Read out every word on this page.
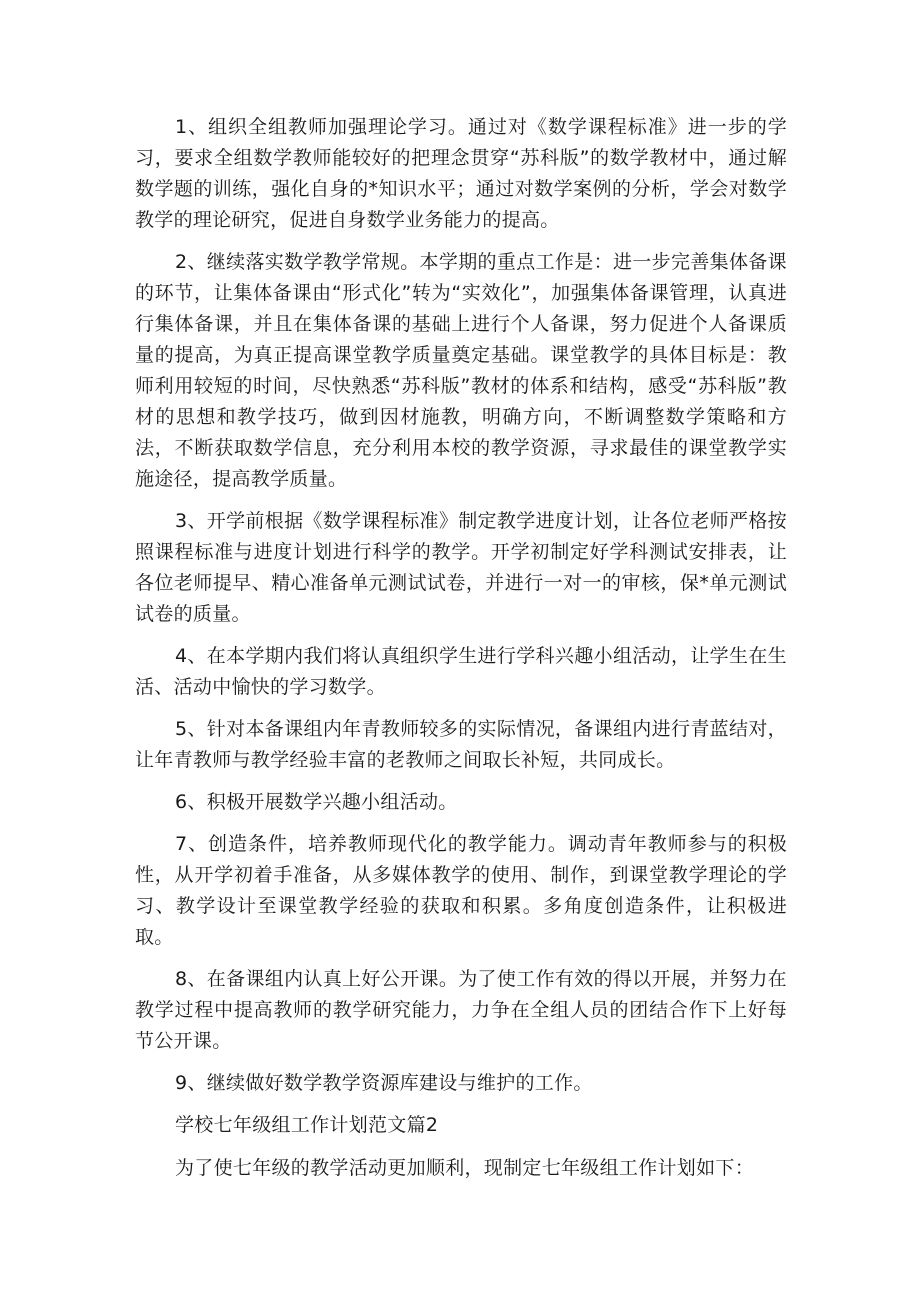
1、组织全组教师加强理论学习。通过对《数学课程标准》进一步的学习，要求全组数学教师能较好的把理念贯穿“苏科版”的数学教材中，通过解数学题的训练，强化自身的*知识水平；通过对数学案例的分析，学会对数学教学的理论研究，促进自身数学业务能力的提高。

2、继续落实数学教学常规。本学期的重点工作是：进一步完善集体备课的环节，让集体备课由“形式化”转为“实效化”，加强集体备课管理，认真进行集体备课，并且在集体备课的基础上进行个人备课，努力促进个人备课质量的提高，为真正提高课堂教学质量奠定基础。课堂教学的具体目标是：教师利用较短的时间，尽快熟悉“苏科版”教材的体系和结构，感受“苏科版”教材的思想和教学技巧，做到因材施教，明确方向，不断调整数学策略和方法，不断获取数学信息，充分利用本校的教学资源，寻求最佳的课堂教学实施途径，提高教学质量。

3、开学前根据《数学课程标准》制定教学进度计划，让各位老师严格按照课程标准与进度计划进行科学的教学。开学初制定好学科测试安排表，让各位老师提早、精心准备单元测试试卷，并进行一对一的审核，保*单元测试试卷的质量。

4、在本学期内我们将认真组织学生进行学科兴趣小组活动，让学生在生活、活动中愉快的学习数学。

5、针对本备课组内年青教师较多的实际情况，备课组内进行青蓝结对，让年青教师与教学经验丰富的老教师之间取长补短，共同成长。

6、积极开展数学兴趣小组活动。

7、创造条件，培养教师现代化的教学能力。调动青年教师参与的积极性，从开学初着手准备，从多媒体教学的使用、制作，到课堂教学理论的学习、教学设计至课堂教学经验的获取和积累。多角度创造条件，让积极进取。

8、在备课组内认真上好公开课。为了使工作有效的得以开展，并努力在教学过程中提高教师的教学研究能力，力争在全组人员的团结合作下上好每节公开课。

9、继续做好数学教学资源库建设与维护的工作。

学校七年级组工作计划范文篇2

为了使七年级的教学活动更加顺利，现制定七年级组工作计划如下：
